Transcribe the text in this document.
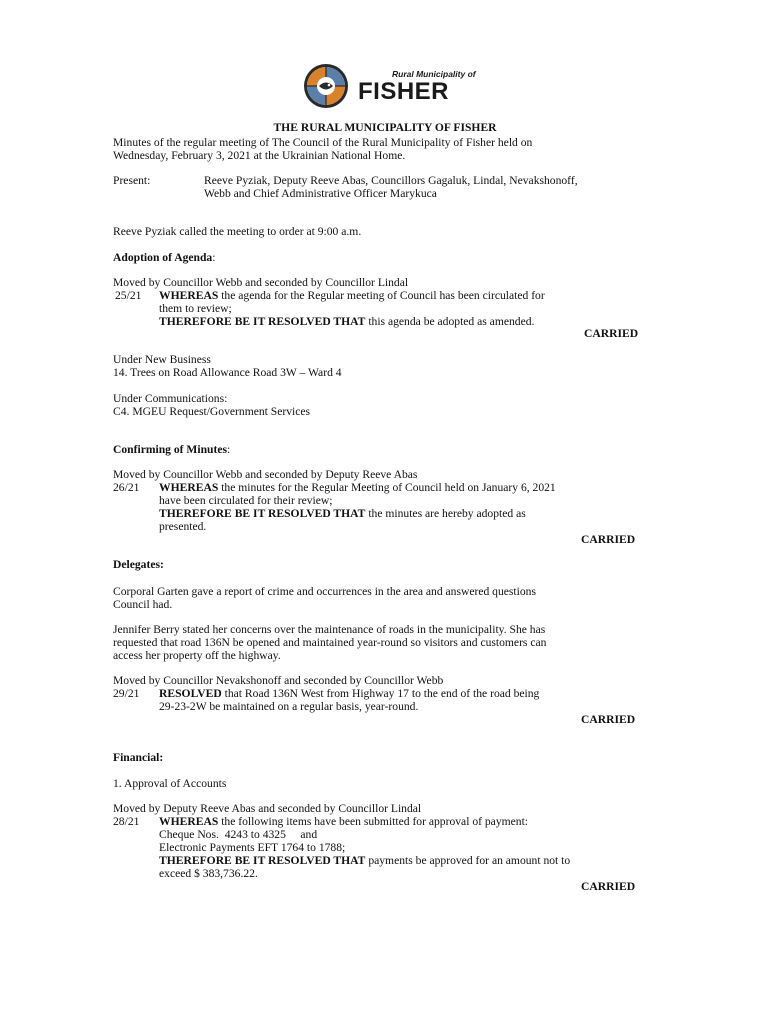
Rural Municipality of
FISHER
THE RURAL MUNICIPALITY OF FISHER
Minutes of the regular meeting of The Council of the Rural Municipality of Fisher held on
Wednesday, February 3, 2021 at the Ukrainian National Home.
Present:	Reeve Pyziak, Deputy Reeve Abas, Councillors Gagaluk, Lindal, Nevakshonoff,
Webb and Chief Administrative Officer Marykuca
Reeve Pyziak called the meeting to order at 9:00 a.m.
Adoption of Agenda:
Moved by Councillor Webb and seconded by Councillor Lindal
25/21 WHEREAS the agenda for the Regular meeting of Council has been circulated for
them to review;
THEREFORE BE IT RESOLVED THAT this agenda be adopted as amended.
CARRIED
Under New Business
14. Trees on Road Allowance Road 3W – Ward 4
Under Communications:
C4. MGEU Request/Government Services
Confirming of Minutes:
Moved by Councillor Webb and seconded by Deputy Reeve Abas
26/21 WHEREAS the minutes for the Regular Meeting of Council held on January 6, 2021
have been circulated for their review;
THEREFORE BE IT RESOLVED THAT the minutes are hereby adopted as
presented.
CARRIED
Delegates:
Corporal Garten gave a report of crime and occurrences in the area and answered questions
Council had.
Jennifer Berry stated her concerns over the maintenance of roads in the municipality. She has
requested that road 136N be opened and maintained year-round so visitors and customers can
access her property off the highway.
Moved by Councillor Nevakshonoff and seconded by Councillor Webb
29/21 RESOLVED that Road 136N West from Highway 17 to the end of the road being
29-23-2W be maintained on a regular basis, year-round.
CARRIED
Financial:
1. Approval of Accounts
Moved by Deputy Reeve Abas and seconded by Councillor Lindal
28/21 WHEREAS the following items have been submitted for approval of payment:
Cheque Nos.  4243 to 4325     and
Electronic Payments EFT 1764 to 1788;
THEREFORE BE IT RESOLVED THAT payments be approved for an amount not to
exceed $ 383,736.22.
CARRIED
